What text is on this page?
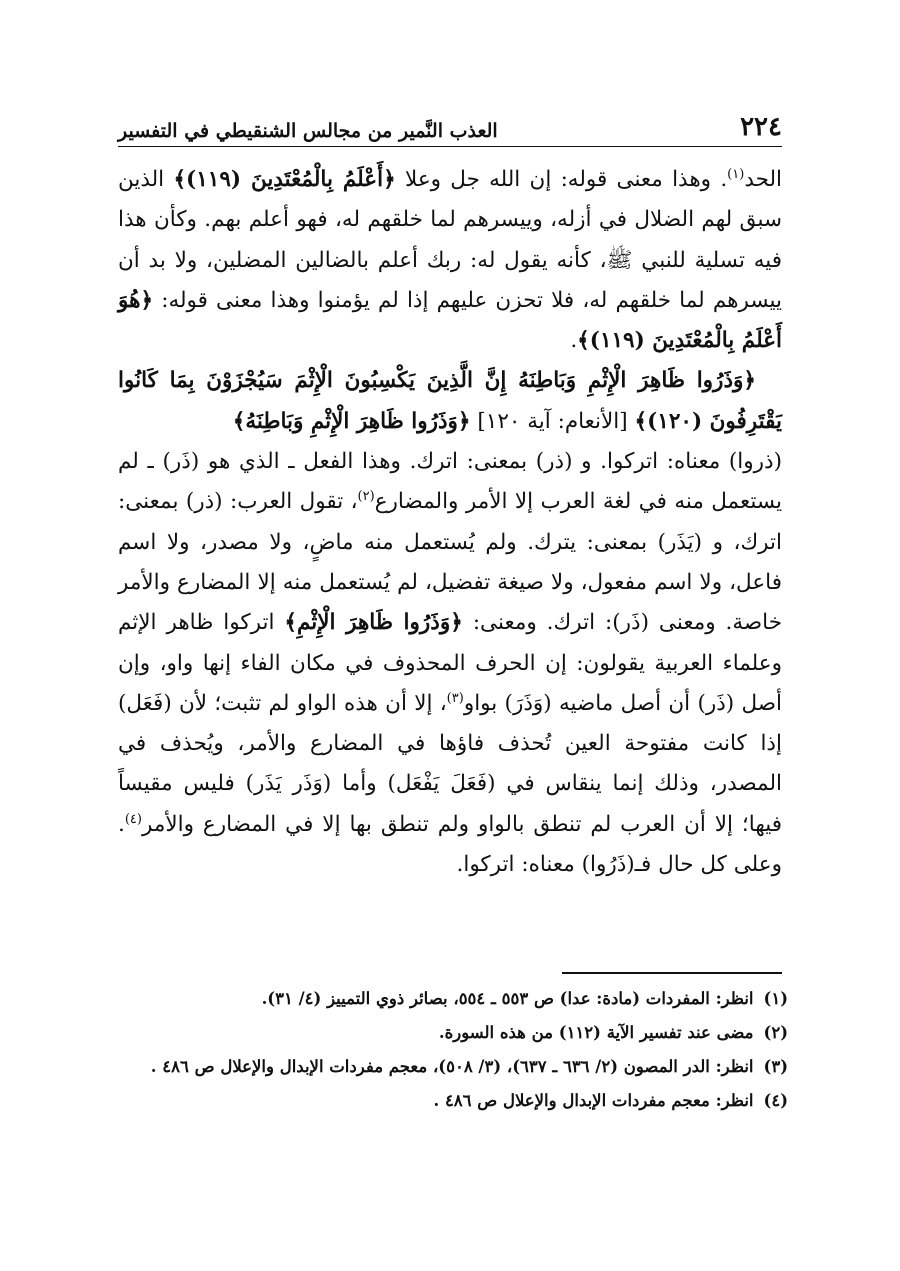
٢٢٤
العذب النَّمير من مجالس الشنقيطي في التفسير

الحد$^{(١)}$. وهذا معنى قوله: إن الله جل وعلا ﴿أَعْلَمُ بِالْمُعْتَدِينَ (١١٩)﴾ الذين سبق لهم الضلال في أزله، وييسرهم لما خلقهم له، فهو أعلم بهم. وكأن هذا فيه تسلية للنبي ﷺ، كأنه يقول له: ربك أعلم بالضالين المضلين، ولا بد أن ييسرهم لما خلقهم له، فلا تحزن عليهم إذا لم يؤمنوا وهذا معنى قوله: ﴿هُوَ أَعْلَمُ بِالْمُعْتَدِينَ (١١٩)﴾.

﴿وَذَرُوا ظَاهِرَ الْإِثْمِ وَبَاطِنَهُ إِنَّ الَّذِينَ يَكْسِبُونَ الْإِثْمَ سَيُجْزَوْنَ بِمَا كَانُوا يَقْتَرِفُونَ (١٢٠)﴾ [الأنعام: آية ١٢٠] ﴿وَذَرُوا ظَاهِرَ الْإِثْمِ وَبَاطِنَهُ﴾

(ذروا) معناه: اتركوا. و (ذر) بمعنى: اترك. وهذا الفعل ـ الذي هو (ذَر) ـ لم يستعمل منه في لغة العرب إلا الأمر والمضارع$^{(٢)}$، تقول العرب: (ذر) بمعنى: اترك، و (يَذَر) بمعنى: يترك. ولم يُستعمل منه ماضٍ، ولا مصدر، ولا اسم فاعل، ولا اسم مفعول، ولا صيغة تفضيل، لم يُستعمل منه إلا المضارع والأمر خاصة. ومعنى (ذَر): اترك. ومعنى: ﴿وَذَرُوا ظَاهِرَ الْإِثْمِ﴾ اتركوا ظاهر الإثم وعلماء العربية يقولون: إن الحرف المحذوف في مكان الفاء إنها واو، وإن أصل (ذَر) أن أصل ماضيه (وَذَرَ) بواو$^{(٣)}$، إلا أن هذه الواو لم تثبت؛ لأن (فَعَل) إذا كانت مفتوحة العين تُحذف فاؤها في المضارع والأمر، ويُحذف في المصدر، وذلك إنما ينقاس في (فَعَلَ يَفْعَل) وأما (وَذَر يَذَر) فليس مقيساً فيها؛ إلا أن العرب لم تنطق بالواو ولم تنطق بها إلا في المضارع والأمر$^{(٤)}$. وعلى كل حال فـ(ذَرُوا) معناه: اتركوا.

(١)
انظر: المفردات (مادة: عدا) ص ٥٥٣ ـ ٥٥٤، بصائر ذوي التمييز (٤/ ٣١).

(٢)
مضى عند تفسير الآية (١١٢) من هذه السورة.

(٣)
انظر: الدر المصون (٢/ ٦٣٦ ـ ٦٣٧)، (٣/ ٥٠٨)، معجم مفردات الإبدال والإعلال ص ٤٨٦ .

(٤)
انظر: معجم مفردات الإبدال والإعلال ص ٤٨٦ .
